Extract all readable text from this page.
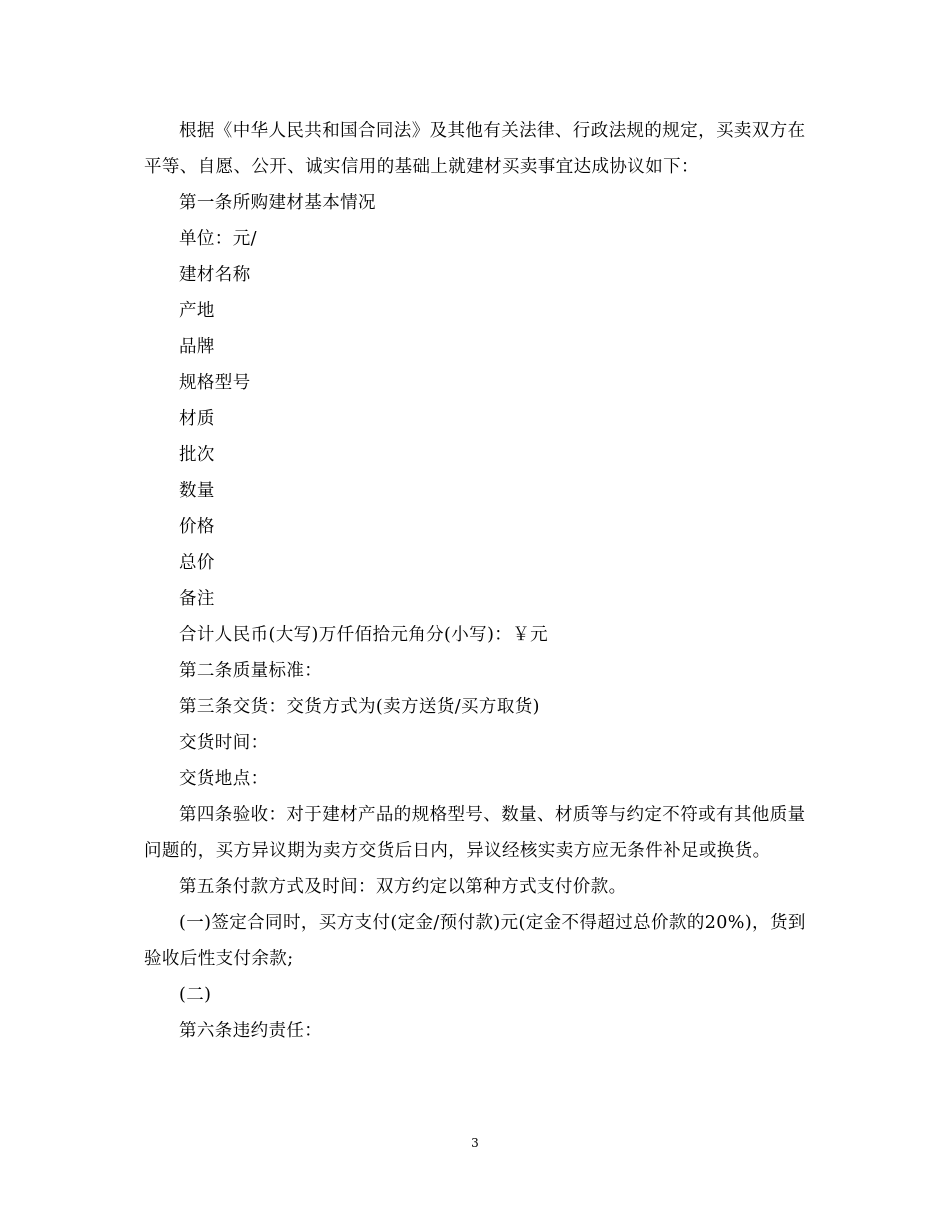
根据《中华人民共和国合同法》及其他有关法律、行政法规的规定，买卖双方在平等、自愿、公开、诚实信用的基础上就建材买卖事宜达成协议如下：

第一条所购建材基本情况

单位：元/

建材名称

产地

品牌

规格型号

材质

批次

数量

价格

总价

备注

合计人民币(大写)万仟佰拾元角分(小写)：￥元

第二条质量标准：

第三条交货：交货方式为(卖方送货/买方取货)

交货时间：

交货地点：

第四条验收：对于建材产品的规格型号、数量、材质等与约定不符或有其他质量问题的，买方异议期为卖方交货后日内，异议经核实卖方应无条件补足或换货。

第五条付款方式及时间：双方约定以第种方式支付价款。

(一)签定合同时，买方支付(定金/预付款)元(定金不得超过总价款的20%)，货到验收后性支付余款;

(二)

第六条违约责任：

3
